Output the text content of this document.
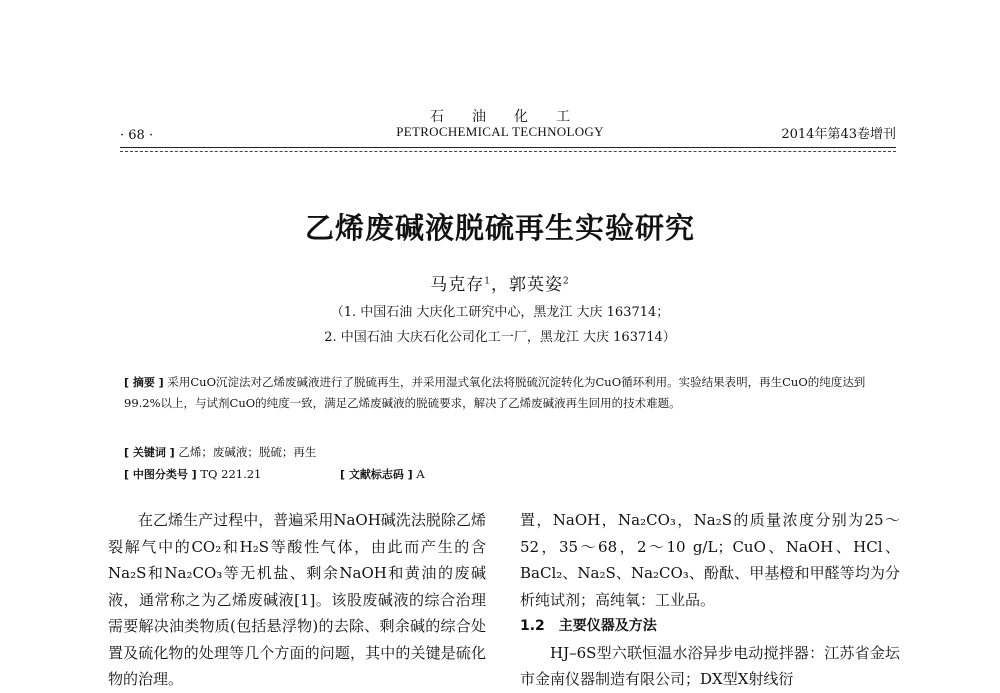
石油化工
· 68 ·	PETROCHEMICAL TECHNOLOGY	2014年第43卷增刊
乙烯废碱液脱硫再生实验研究
马克存$^1$，郭英姿$^2$
（1. 中国石油 大庆化工研究中心，黑龙江 大庆 163714；
2. 中国石油 大庆石化公司化工一厂，黑龙江 大庆 163714）
[ 摘要 ] 采用CuO沉淀法对乙烯废碱液进行了脱硫再生，并采用湿式氧化法将脱硫沉淀转化为CuO循环利用。实验结果表明，再生CuO的纯度达到99.2%以上，与试剂CuO的纯度一致，满足乙烯废碱液的脱硫要求，解决了乙烯废碱液再生回用的技术难题。
[ 关键词 ] 乙烯；废碱液；脱硫；再生
[ 中图分类号 ] TQ 221.21	[ 文献标志码 ] A

在乙烯生产过程中，普遍采用NaOH碱洗法脱除乙烯裂解气中的CO₂和H₂S等酸性气体，由此而产生的含Na₂S和Na₂CO₃等无机盐、剩余NaOH和黄油的废碱液，通常称之为乙烯废碱液[1]。该股废碱液的综合治理需要解决油类物质(包括悬浮物)的去除、剩余碱的综合处置及硫化物的处理等几个方面的问题，其中的关键是硫化物的治理。

置，NaOH，Na₂CO₃，Na₂S的质量浓度分别为25～52，35～68，2～10 g/L；CuO、NaOH、HCl、BaCl₂、Na₂S、Na₂CO₃、酚酞、甲基橙和甲醛等均为分析纯试剂；高纯氧：工业品。

1.2　主要仪器及方法

HJ–6S型六联恒温水浴异步电动搅拌器：江苏省金坛市金南仪器制造有限公司；DX型X射线衍
